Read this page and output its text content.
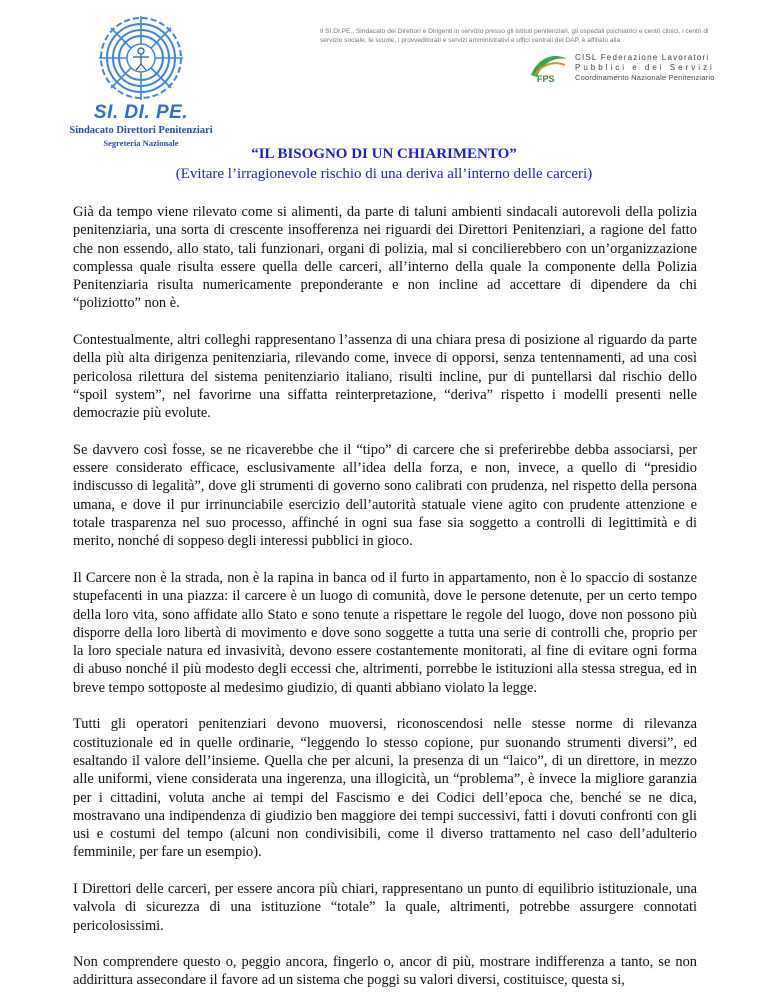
SI. DI. PE.
Sindacato Direttori Penitenziari
Segreteria Nazionale
Il SI.DI.PE., Sindacato dei Direttori e Dirigenti in servizio presso gli istituti penitenziari, gli ospedali psichiatrici e centri clinici, i centri di servizio sociale, le scuole, i provveditorati e servizi amministrativi e uffici centrali del DAP, è affiliato alla
FPS
CISL Federazione Lavoratori
Pubblici e dei Servizi
Coordinamento Nazionale Penitenziario
“IL BISOGNO DI UN CHIARIMENTO”
(Evitare l’irragionevole rischio di una deriva all’interno delle carceri)

Già da tempo viene rilevato come si alimenti, da parte di taluni ambienti sindacali autorevoli della polizia penitenziaria, una sorta di crescente insofferenza nei riguardi dei Direttori Penitenziari, a ragione del fatto che non essendo, allo stato, tali funzionari, organi di polizia, mal si concilierebbero con un’organizzazione complessa quale risulta essere quella delle carceri, all’interno della quale la componente della Polizia Penitenziaria risulta numericamente preponderante e non incline ad accettare di dipendere da chi “poliziotto” non è.

Contestualmente, altri colleghi rappresentano l’assenza di una chiara presa di posizione al riguardo da parte della più alta dirigenza penitenziaria, rilevando come, invece di opporsi, senza tentennamenti, ad una così pericolosa rilettura del sistema penitenziario italiano, risulti incline, pur di puntellarsi dal rischio dello “spoil system”, nel favorirne una siffatta reinterpretazione, “deriva” rispetto i modelli presenti nelle democrazie più evolute.

Se davvero così fosse, se ne ricaverebbe che il “tipo” di carcere che si preferirebbe debba associarsi, per essere considerato efficace, esclusivamente all’idea della forza, e non, invece, a quello di “presidio indiscusso di legalità”, dove gli strumenti di governo sono calibrati con prudenza, nel rispetto della persona umana, e dove il pur irrinunciabile esercizio dell’autorità statuale viene agito con prudente attenzione e totale trasparenza nel suo processo, affinché in ogni sua fase sia soggetto a controlli di legittimità e di merito, nonché di soppeso degli interessi pubblici in gioco.

Il Carcere non è la strada, non è la rapina in banca od il furto in appartamento, non è lo spaccio di sostanze stupefacenti in una piazza: il carcere è un luogo di comunità, dove le persone detenute, per un certo tempo della loro vita, sono affidate allo Stato e sono tenute a rispettare le regole del luogo, dove non possono più disporre della loro libertà di movimento e dove sono soggette a tutta una serie di controlli che, proprio per la loro speciale natura ed invasività, devono essere costantemente monitorati, al fine di evitare ogni forma di abuso nonché il più modesto degli eccessi che, altrimenti, porrebbe le istituzioni alla stessa stregua, ed in breve tempo sottoposte al medesimo giudizio, di quanti abbiano violato la legge.

Tutti gli operatori penitenziari devono muoversi, riconoscendosi nelle stesse norme di rilevanza costituzionale ed in quelle ordinarie, “leggendo lo stesso copione, pur suonando strumenti diversi”, ed esaltando il valore dell’insieme. Quella che per alcuni, la presenza di un “laico”, di un direttore, in mezzo alle uniformi, viene considerata una ingerenza, una illogicità, un “problema”, è invece la migliore garanzia per i cittadini, voluta anche ai tempi del Fascismo e dei Codici dell’epoca che, benché se ne dica, mostravano una indipendenza di giudizio ben maggiore dei tempi successivi, fatti i dovuti confronti con gli usi e costumi del tempo (alcuni non condivisibili, come il diverso trattamento nel caso dell’adulterio femminile, per fare un esempio).

I Direttori delle carceri, per essere ancora più chiari, rappresentano un punto di equilibrio istituzionale, una valvola di sicurezza di una istituzione “totale” la quale, altrimenti, potrebbe assurgere connotati pericolosissimi.

Non comprendere questo o, peggio ancora, fingerlo o, ancor di più, mostrare indifferenza a tanto, se non addirittura assecondare il favore ad un sistema che poggi su valori diversi, costituisce, questa si,
